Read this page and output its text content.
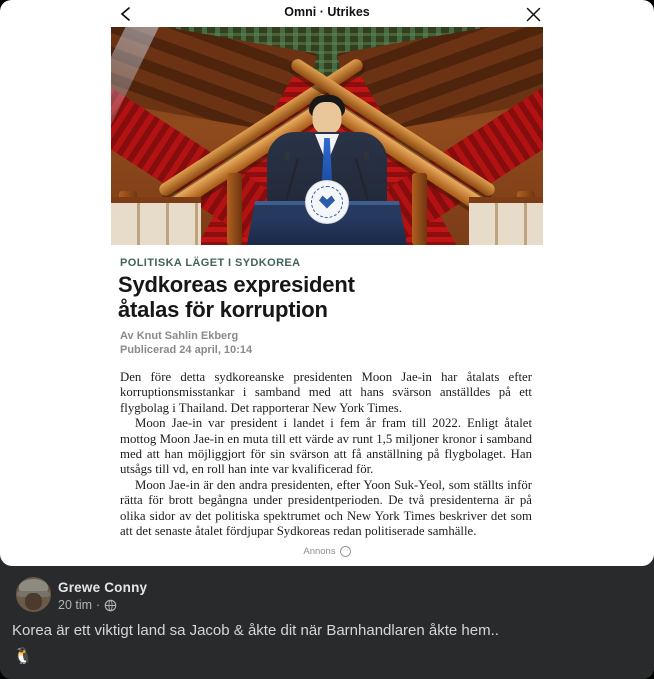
Grewe Conny
20 tim ·
Korea är ett viktigt land sa Jacob & åkte dit när Barnhandlaren åkte hem..
🐧
Omni · Utrikes
POLITISKA LÄGET I SYDKOREA
Sydkoreas expresident åtalas för korruption
Av Knut Sahlin Ekberg
Publicerad 24 april, 10:14

Den före detta sydkoreanske presidenten Moon Jae-in har åtalats efter korruptionsmisstankar i samband med att hans svärson anställdes på ett flygbolag i Thailand. Det rapporterar New York Times.

Moon Jae-in var president i landet i fem år fram till 2022. Enligt åtalet mottog Moon Jae-in en muta till ett värde av runt 1,5 miljoner kronor i samband med att han möjliggjort för sin svärson att få anställning på flygbolaget. Han utsågs till vd, en roll han inte var kvalificerad för.

Moon Jae-in är den andra presidenten, efter Yoon Suk-Yeol, som ställts inför rätta för brott begångna under presidentperioden. De två presidenterna är på olika sidor av det politiska spektrumet och New York Times beskriver det som att det senaste åtalet fördjupar Sydkoreas redan politiserade samhälle.

Annons ···
